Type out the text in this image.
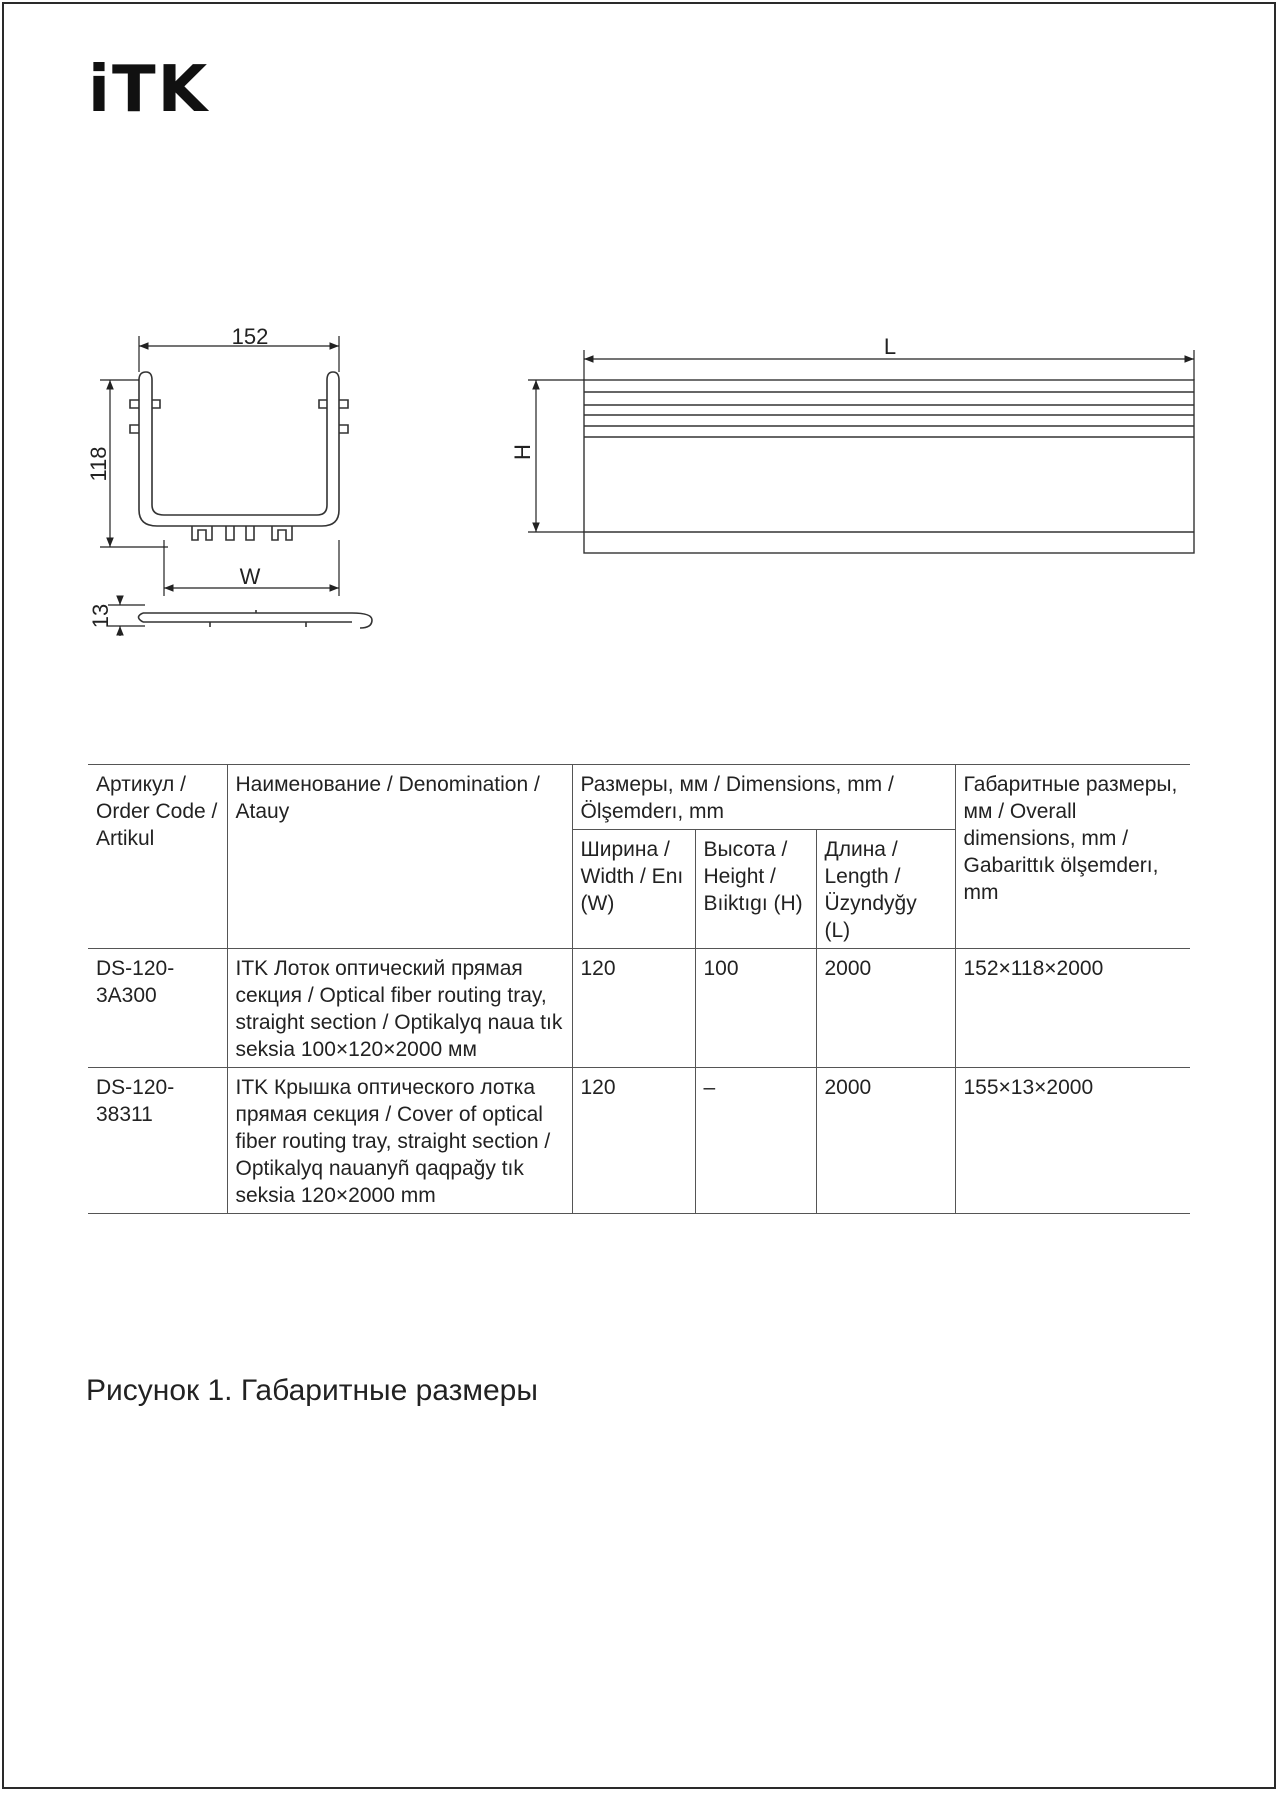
iTK
152
118
W
13
L
H
Артикул / Order Code / Artikul	Наименование / Denomination / Atauy	Размеры, мм / Dimensions, mm / Ölşemderı, mm			Габаритные размеры, мм / Overall dimensions, mm / Gabarittık ölşemderı, mm
		Ширина / Width / Enı (W)	Высота / Height / Bıiktıgı (H)	Длина / Length / Üzyndyğy (L)	
DS-120-3A300	ITK Лоток оптический прямая секция / Optical fiber routing tray, straight section / Optikalyq naua tık seksia 100×120×2000 мм	120	100	2000	152×118×2000
DS-120-38311	ITK Крышка оптического лотка прямая секция / Cover of optical fiber routing tray, straight section / Optikalyq nauanyñ qaqpağy tık seksia 120×2000 mm	120	–	2000	155×13×2000
Рисунок 1. Габаритные размеры
